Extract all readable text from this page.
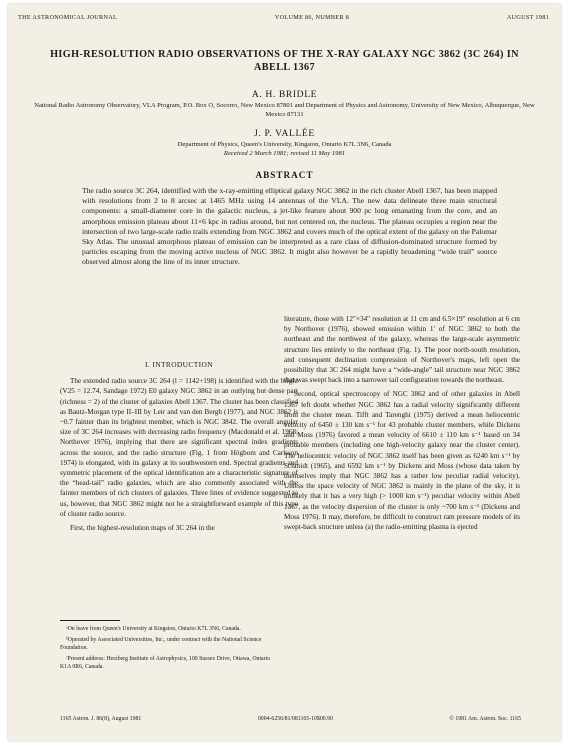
THE ASTRONOMICAL JOURNAL	VOLUME 86, NUMBER 8	AUGUST 1981
HIGH-RESOLUTION RADIO OBSERVATIONS OF THE X-RAY GALAXY NGC 3862 (3C 264) IN ABELL 1367
A. H. BRIDLE
National Radio Astronomy Observatory, VLA Program, P.O. Box O, Socorro, New Mexico 87801 and Department of Physics and Astronomy, University of New Mexico, Albuquerque, New Mexico 87131
J. P. VALLÉE
Department of Physics, Queen's University, Kingston, Ontario K7L 3N6, Canada
Received 2 March 1981; revised 11 May 1981
ABSTRACT
The radio source 3C 264, identified with the x-ray-emitting elliptical galaxy NGC 3862 in the rich cluster Abell 1367, has been mapped with resolutions from 2 to 8 arcsec at 1465 MHz using 14 antennas of the VLA. The new data delineate three main structural components: a small-diameter core in the galactic nucleus, a jet-like feature about 900 pc long emanating from the core, and an amorphous emission plateau about 11×6 kpc in radius around, but not centered on, the nucleus. The plateau occupies a region near the intersection of two large-scale radio trails extending from NGC 3862 and covers much of the optical extent of the galaxy on the Palomar Sky Atlas. The unusual amorphous plateau of emission can be interpreted as a rare class of diffusion-dominated structure formed by particles escaping from the moving active nucleus of NGC 3862. It might also however be a rapidly broadening “wide trail” source observed almost along the line of its inner structure.
I. INTRODUCTION

The extended radio source 3C 264 (l = 1142+198) is identified with the bright (V25 = 12.74, Sandage 1972) E0 galaxy NGC 3862 in an outlying but dense part (richness = 2) of the cluster of galaxies Abell 1367. The cluster has been classified as Bautz-Morgan type II–III by Leir and van den Bergh (1977), and NGC 3862 is ~0.7 fainter than its brightest member, which is NGC 3842. The overall angular size of 3C 264 increases with decreasing radio frequency (Macdonald et al. 1968; Northover 1976), implying that there are significant spectral index gradients across the source, and the radio structure (Fig. 1 from Högbom and Carlsson 1974) is elongated, with its galaxy at its southwestern end. Spectral gradients and symmetric placement of the optical identification are a characteristic signature of the “head-tail” radio galaxies, which are also commonly associated with the fainter members of rich clusters of galaxies. Three lines of evidence suggested to us, however, that NGC 3862 might not be a straightforward example of this type of cluster radio source.

First, the highest-resolution maps of 3C 264 in the

literature, those with 12″×34″ resolution at 11 cm and 6.5×19″ resolution at 6 cm by Northover (1976), showed emission within 1′ of NGC 3862 to both the northeast and the northwest of the galaxy, whereas the large-scale asymmetric structure lies entirely to the northeast (Fig. 1). The poor north-south resolution, and consequent declination compression of Northover's maps, left open the possibility that 3C 264 might have a “wide-angle” tail structure near NGC 3862 that was swept back into a narrower tail configuration towards the northeast.

Second, optical spectroscopy of NGC 3862 and of other galaxies in Abell 1367 left doubt whether NGC 3862 has a radial velocity significantly different from the cluster mean. Tifft and Tarenghi (1975) derived a mean heliocentric velocity of 6450 ± 130 km s⁻¹ for 43 probable cluster members, while Dickens and Moss (1976) favored a mean velocity of 6610 ± 110 km s⁻¹ based on 34 probable members (including one high-velocity galaxy near the cluster center). The heliocentric velocity of NGC 3862 itself has been given as 6240 km s⁻¹ by Schmidt (1965), and 6592 km s⁻¹ by Dickens and Moss (whose data taken by themselves imply that NGC 3862 has a rather low peculiar radial velocity). Unless the space velocity of NGC 3862 is mainly in the plane of the sky, it is unlikely that it has a very high (> 1000 km s⁻¹) peculiar velocity within Abell 1367, as the velocity dispersion of the cluster is only ~700 km s⁻¹ (Dickens and Moss 1976). It may, therefore, be difficult to construct ram pressure models of its swept-back structure unless (a) the radio-emitting plasma is ejected

ᵃOn leave from Queen's University at Kingston, Ontario K7L 3N6, Canada.

ᵇOperated by Associated Universities, Inc., under contract with the National Science Foundation.

ᶜPresent address: Herzberg Institute of Astrophysics, 100 Sussex Drive, Ottawa, Ontario K1A 0R6, Canada.

1165 Astron. J. 86(8), August 1981	0004-6256/81/081165-10$00.90	© 1981 Am. Astron. Soc. 1165
